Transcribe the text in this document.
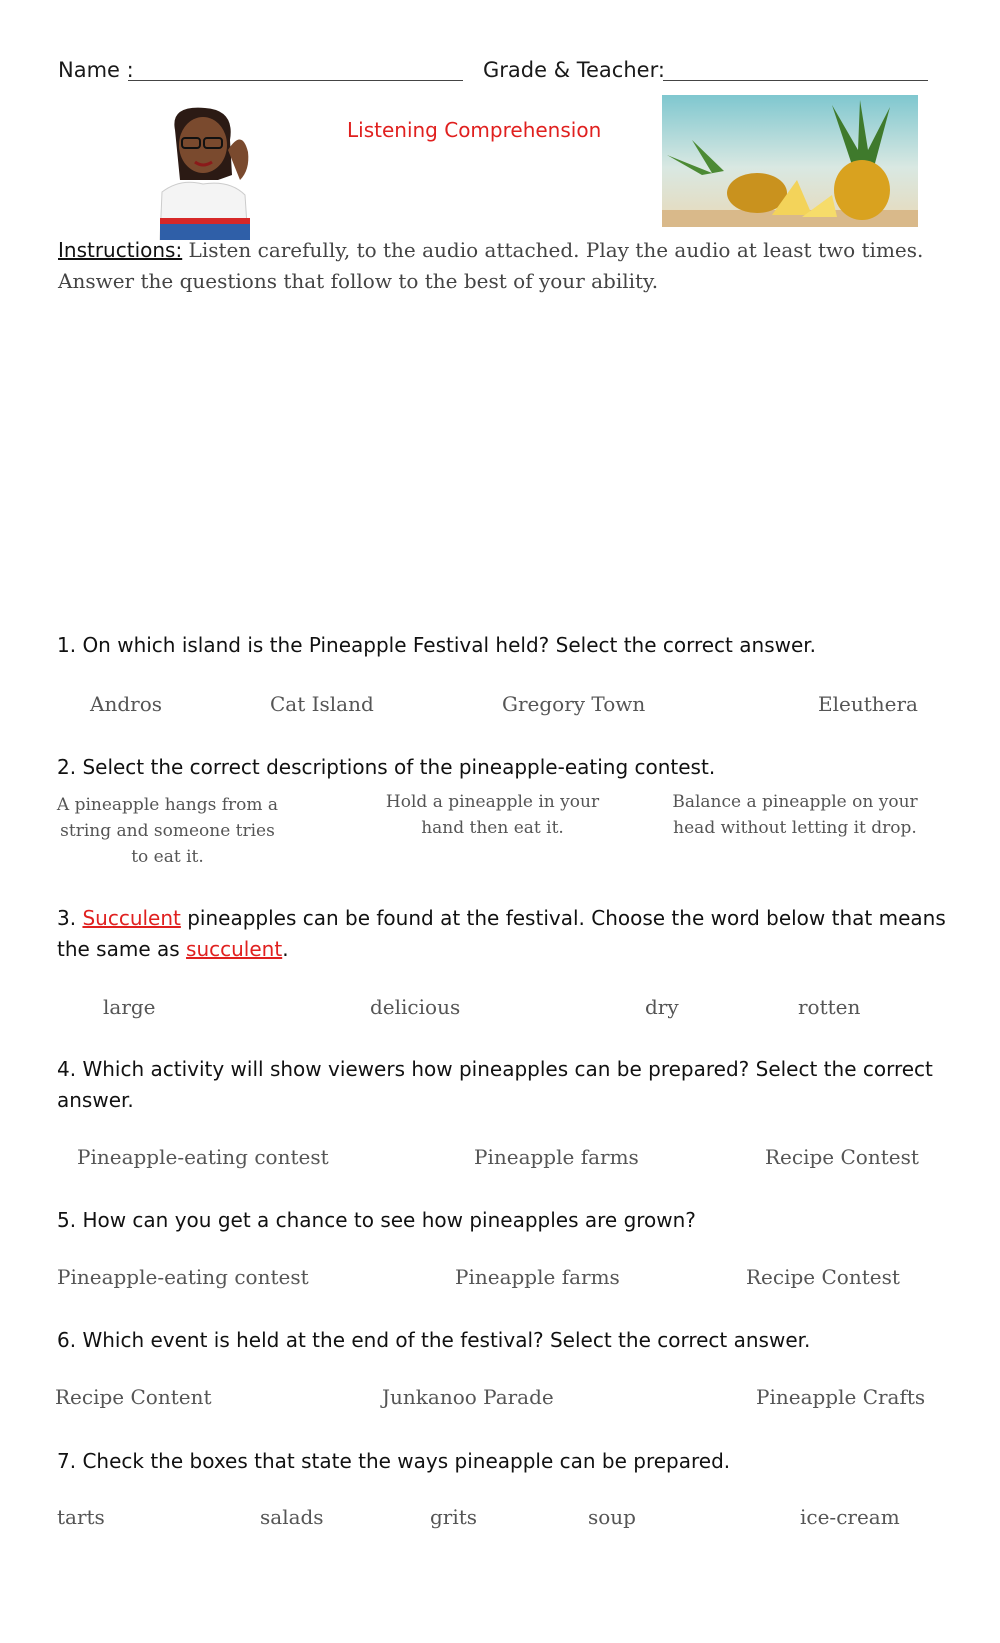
Name :	Grade & Teacher:
Listening Comprehension
Instructions: Listen carefully, to the audio attached. Play the audio at least two times.
Answer the questions that follow to the best of your ability.
1. On which island is the Pineapple Festival held? Select the correct answer.
Andros	Cat Island	Gregory Town	Eleuthera
2. Select the correct descriptions of the pineapple-eating contest.
A pineapple hangs from a string and someone tries to eat it.
Hold a pineapple in your hand then eat it.
Balance a pineapple on your head without letting it drop.
3. Succulent pineapples can be found at the festival. Choose the word below that means
the same as succulent.
large	delicious	dry	rotten
4. Which activity will show viewers how pineapples can be prepared? Select the correct
answer.
Pineapple-eating contest	Pineapple farms	Recipe Contest
5. How can you get a chance to see how pineapples are grown?
Pineapple-eating contest	Pineapple farms	Recipe Contest
6. Which event is held at the end of the festival? Select the correct answer.
Recipe Content	Junkanoo Parade	Pineapple Crafts
7. Check the boxes that state the ways pineapple can be prepared.
tarts	salads	grits	soup	ice-cream
